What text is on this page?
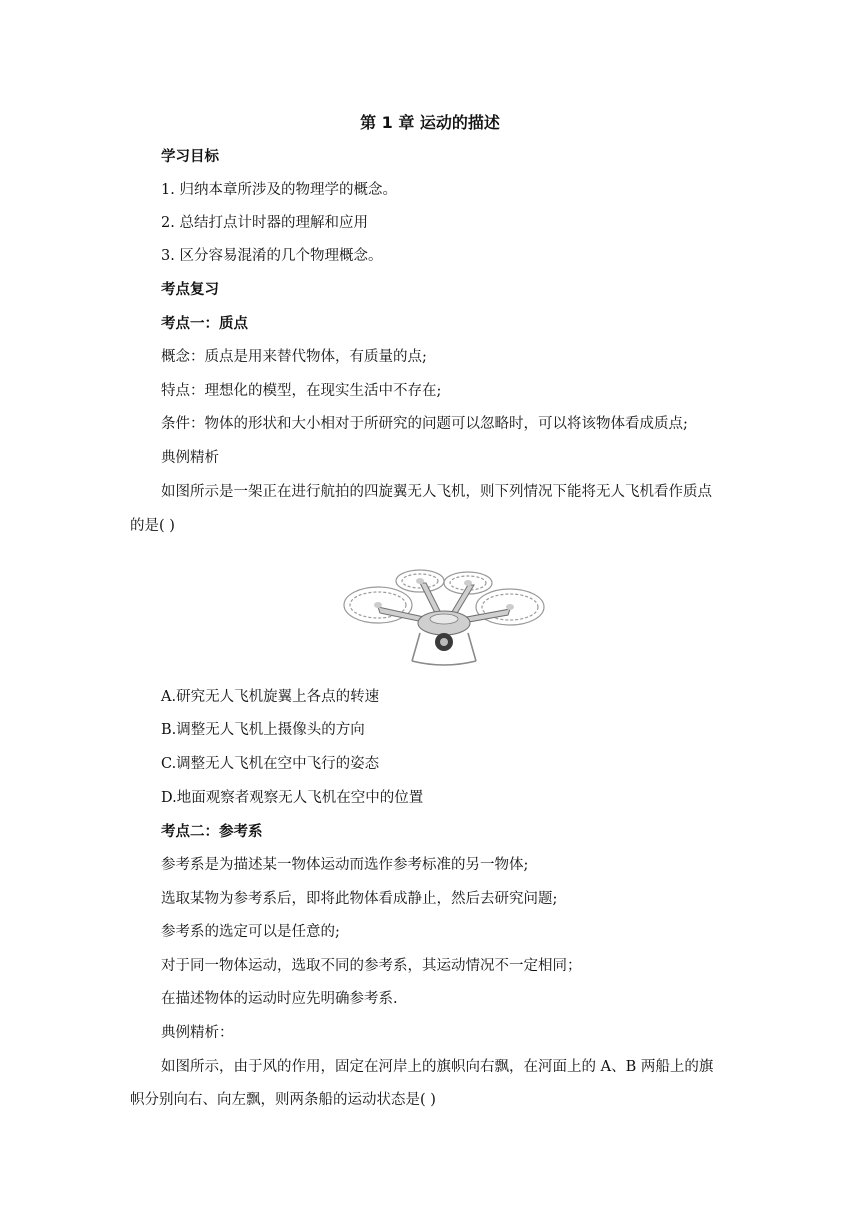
第 1 章 运动的描述
学习目标
1. 归纳本章所涉及的物理学的概念。
2. 总结打点计时器的理解和应用
3. 区分容易混淆的几个物理概念。
考点复习
考点一：质点
概念：质点是用来替代物体，有质量的点;
特点：理想化的模型，在现实生活中不存在;
条件：物体的形状和大小相对于所研究的问题可以忽略时，可以将该物体看成质点;
典例精析
如图所示是一架正在进行航拍的四旋翼无人飞机，则下列情况下能将无人飞机看作质点
的是( )
A.研究无人飞机旋翼上各点的转速
B.调整无人飞机上摄像头的方向
C.调整无人飞机在空中飞行的姿态
D.地面观察者观察无人飞机在空中的位置
考点二：参考系
参考系是为描述某一物体运动而选作参考标准的另一物体;
选取某物为参考系后，即将此物体看成静止，然后去研究问题;
参考系的选定可以是任意的;
对于同一物体运动，选取不同的参考系，其运动情况不一定相同；
在描述物体的运动时应先明确参考系.
典例精析：
如图所示，由于风的作用，固定在河岸上的旗帜向右飘，在河面上的 A、B 两船上的旗
帜分别向右、向左飘，则两条船的运动状态是( )
